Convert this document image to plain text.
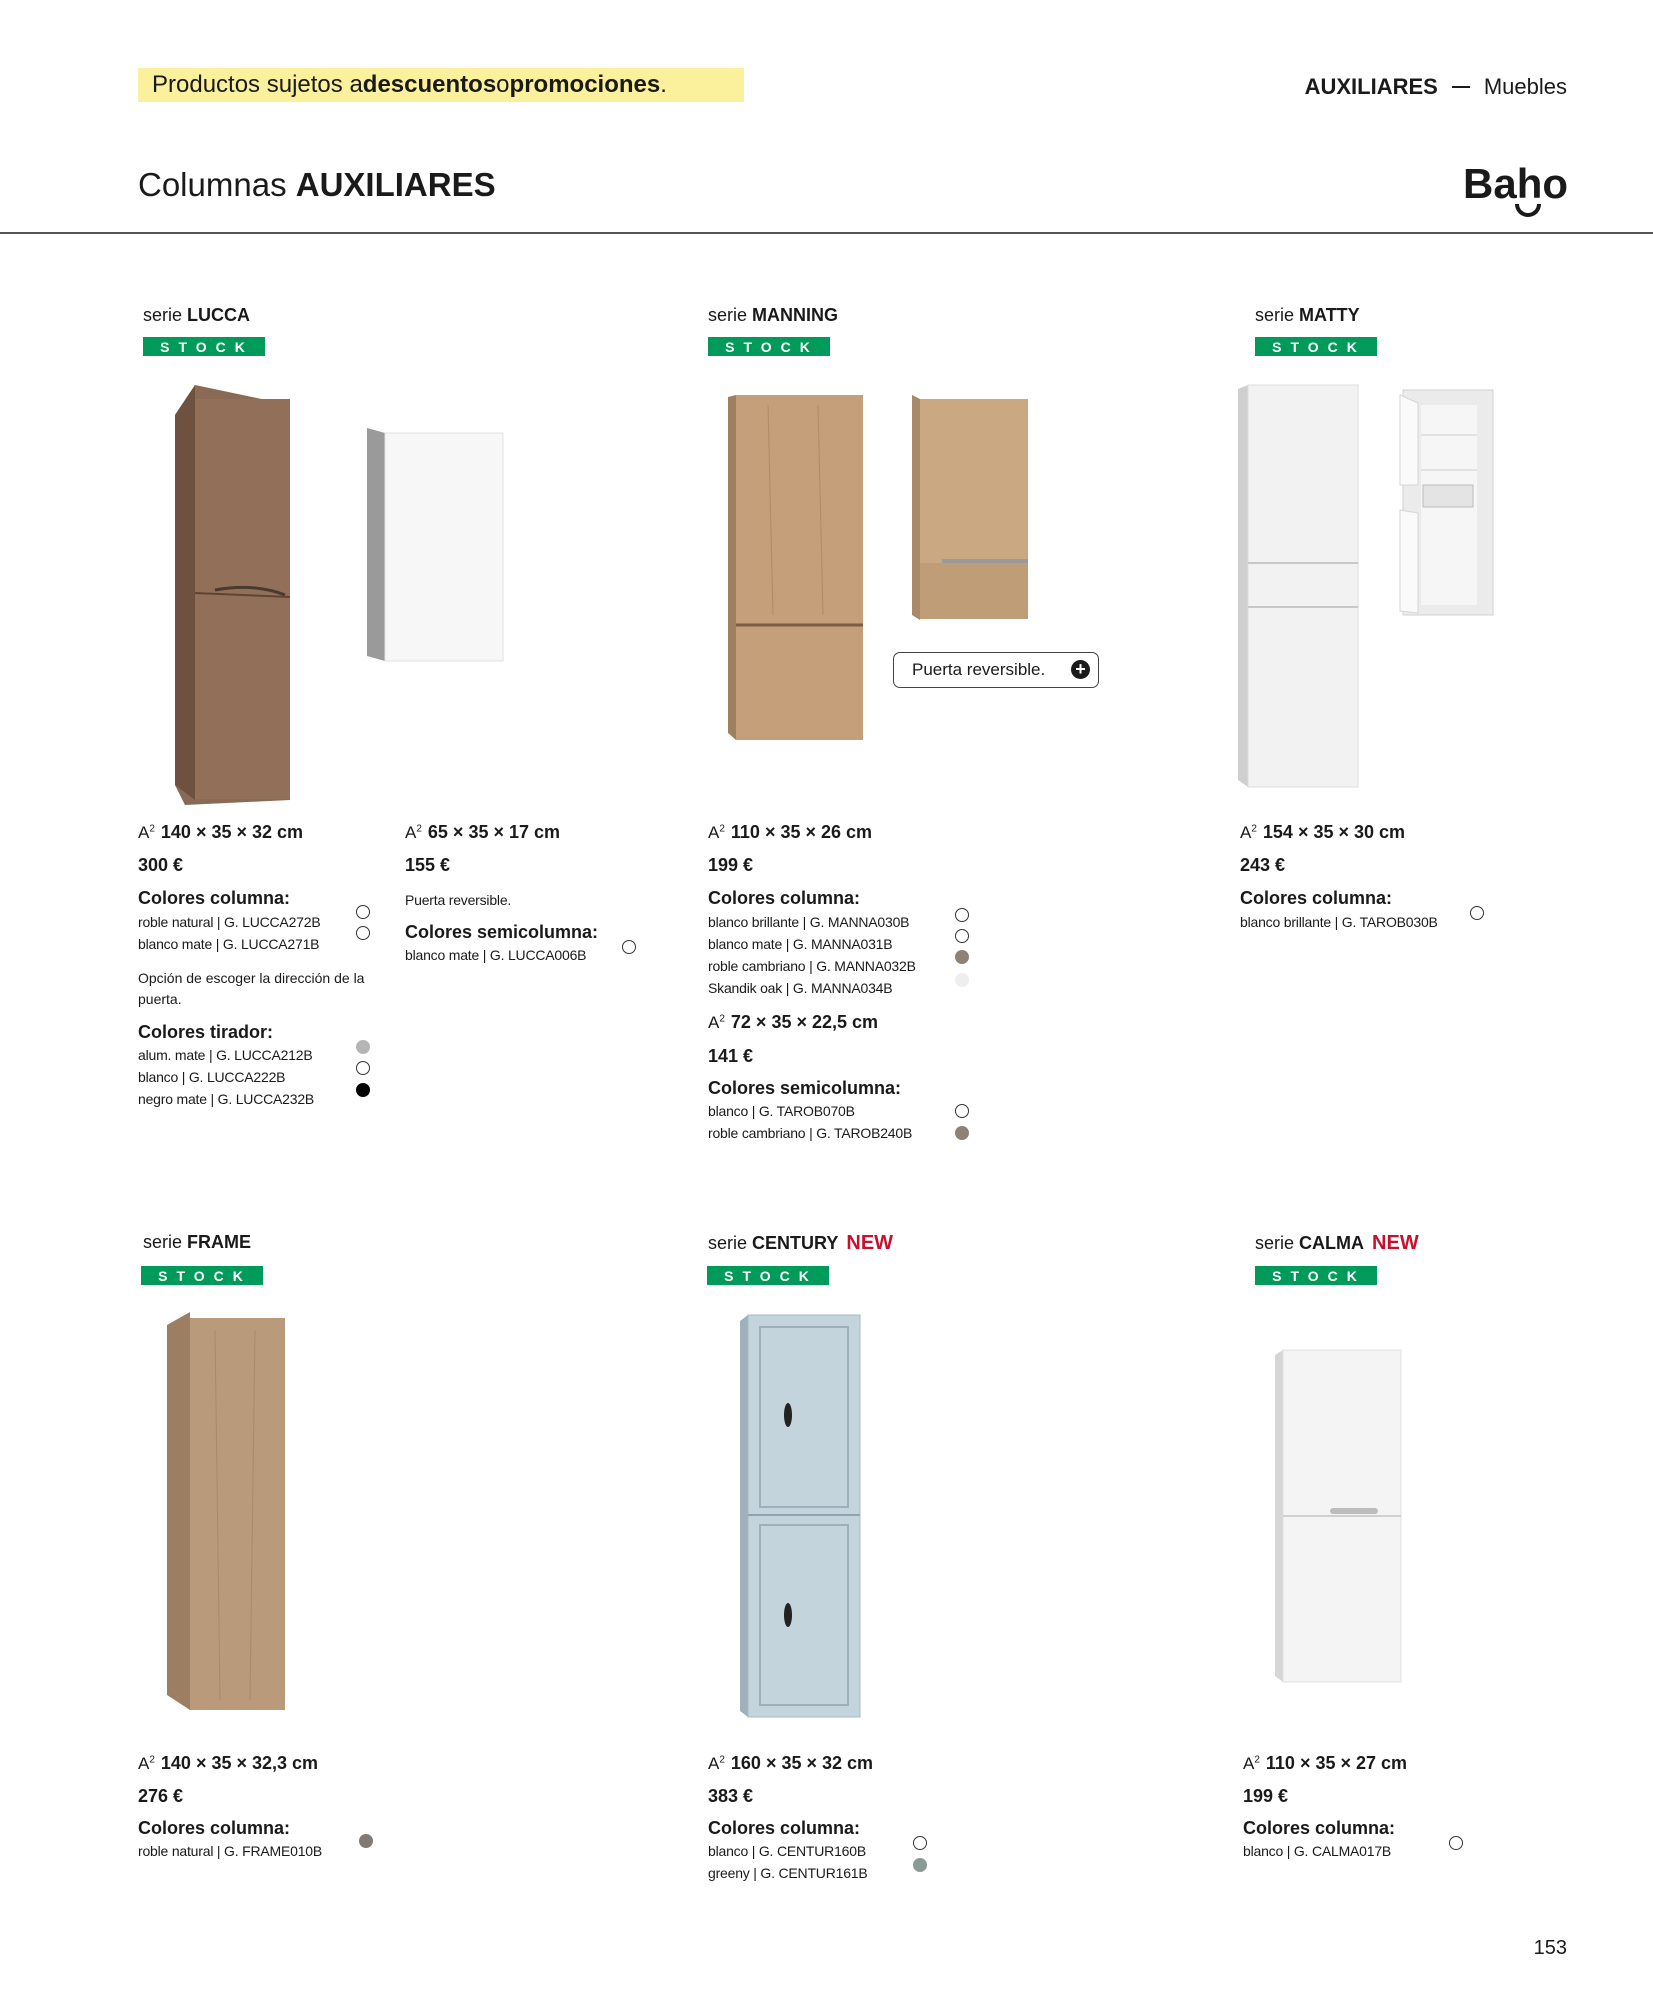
Productos sujetos a descuentos o promociones .	AUXILIARES Muebles
Columnas AUXILIARES	Baho
serie LUCCA
STOCK
$A^2$ 140 × 35 × 32 cm
300 €
Colores columna:
roble natural | G. LUCCA272B
blanco mate | G. LUCCA271B
Opción de escoger la dirección de la puerta.
Colores tirador:
alum. mate | G. LUCCA212B
blanco | G. LUCCA222B
negro mate | G. LUCCA232B
$A^2$ 65 × 35 × 17 cm
155 €
Puerta reversible.
Colores semicolumna:
blanco mate | G. LUCCA006B
serie MANNING
STOCK
Puerta reversible. +
$A^2$ 110 × 35 × 26 cm
199 €
Colores columna:
blanco brillante | G. MANNA030B
blanco mate | G. MANNA031B
roble cambriano | G. MANNA032B
Skandik oak | G. MANNA034B
$A^2$ 72 × 35 × 22,5 cm
141 €
Colores semicolumna:
blanco | G. TAROB070B
roble cambriano | G. TAROB240B
serie MATTY
STOCK
$A^2$ 154 × 35 × 30 cm
243 €
Colores columna:
blanco brillante | G. TAROB030B
serie FRAME
STOCK
$A^2$ 140 × 35 × 32,3 cm
276 €
Colores columna:
roble natural | G. FRAME010B
serie CENTURY NEW
STOCK
$A^2$ 160 × 35 × 32 cm
383 €
Colores columna:
blanco | G. CENTUR160B
greeny | G. CENTUR161B
serie CALMA NEW
STOCK
$A^2$ 110 × 35 × 27 cm
199 €
Colores columna:
blanco | G. CALMA017B
153
